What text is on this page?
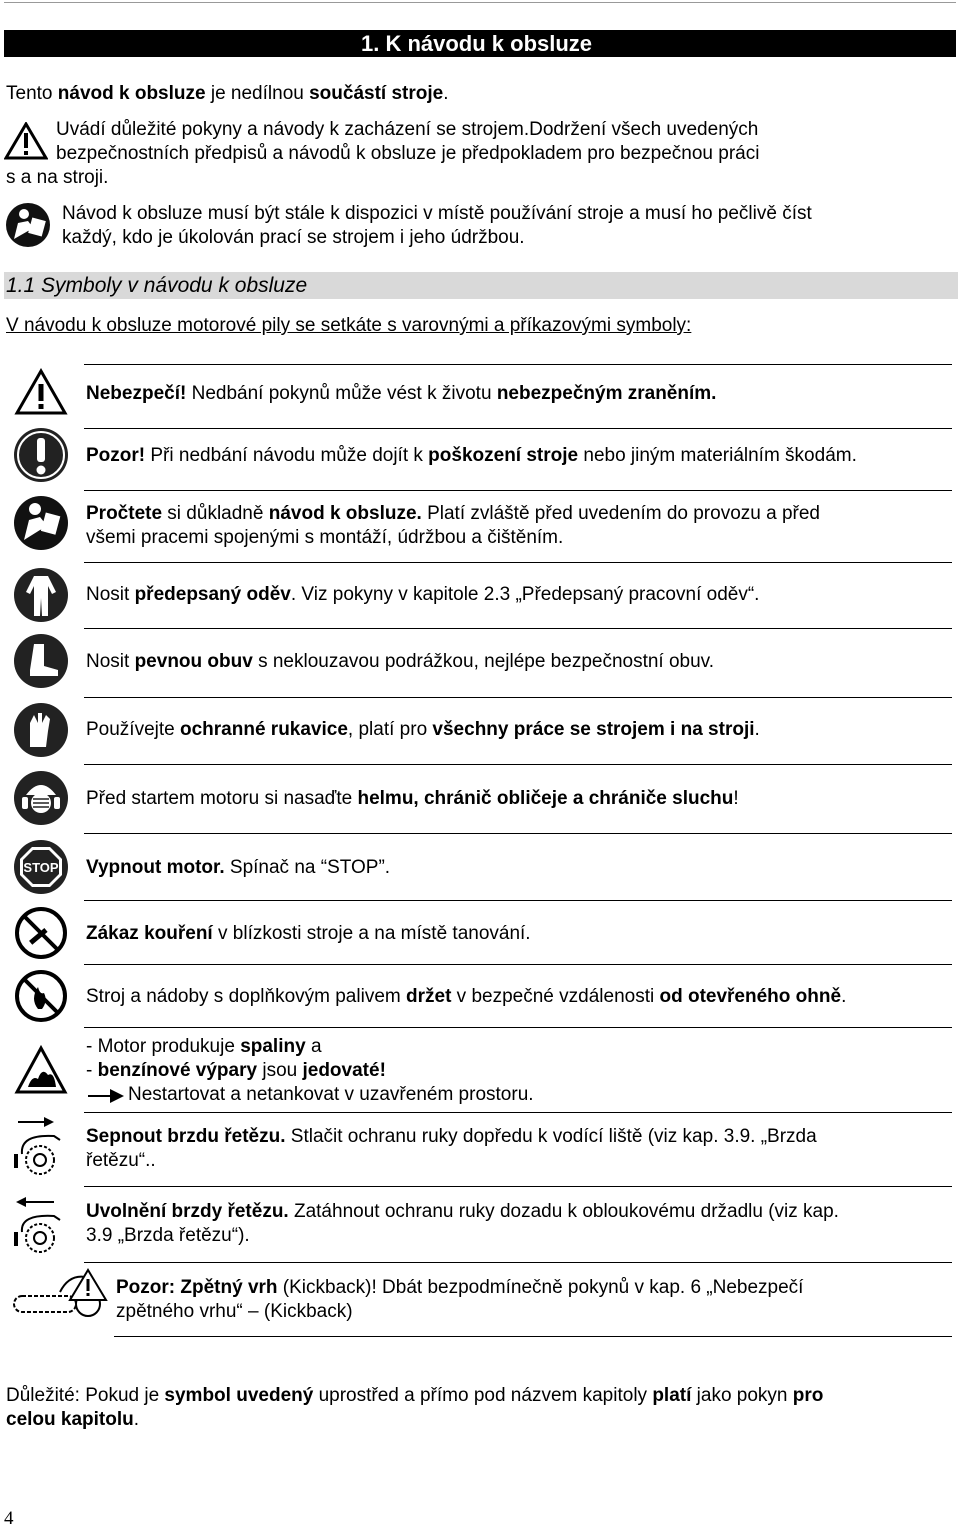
1. K návodu k obsluze
Tento návod k obsluze je nedílnou součástí stroje.
Uvádí důležité pokyny a návody k zacházení se strojem.Dodržení všech uvedených
bezpečnostních předpisů a návodů k obsluze je předpokladem pro bezpečnou práci
s a na stroji.
Návod k obsluze musí být stále k dispozici v místě používání stroje a musí ho pečlivě číst
každý, kdo je úkolován prací se strojem i jeho údržbou.
1.1 Symboly v návodu k obsluze
V návodu k obsluze motorové pily se setkáte s varovnými a příkazovými symboly:
Nebezpečí! Nedbání pokynů může vést k životu nebezpečným zraněním.
Pozor! Při nedbání návodu může dojít k poškození stroje nebo jiným materiálním škodám.
Pročtete si důkladně návod k obsluze. Platí zvláště před uvedením do provozu a před
všemi pracemi spojenými s montáží, údržbou a čištěním.
Nosit předepsaný oděv. Viz pokyny v kapitole 2.3 „Předepsaný pracovní oděv“.
Nosit pevnou obuv s neklouzavou podrážkou, nejlépe bezpečnostní obuv.
Používejte ochranné rukavice, platí pro všechny práce se strojem i na stroji.
Před startem motoru si nasaďte helmu, chránič obličeje a chrániče sluchu!
STOP Vypnout motor. Spínač na “STOP”.
Zákaz kouření v blízkosti stroje a na místě tanování.
Stroj a nádoby s doplňkovým palivem držet v bezpečné vzdálenosti od otevřeného ohně.
- Motor produkuje spaliny a
- benzínové výpary jsou jedovaté!
Nestartovat a netankovat v uzavřeném prostoru.
Sepnout brzdu řetězu. Stlačit ochranu ruky dopředu k vodící liště (viz kap. 3.9. „Brzda
řetězu“..
Uvolnění brzdy řetězu. Zatáhnout ochranu ruky dozadu k obloukovému držadlu (viz kap.
3.9 „Brzda řetězu“).
Pozor: Zpětný vrh (Kickback)! Dbát bezpodmínečně pokynů v kap. 6 „Nebezpečí
zpětného vrhu“ – (Kickback)
Důležité: Pokud je symbol uvedený uprostřed a přímo pod názvem kapitoly platí jako pokyn pro
celou kapitolu.
4
